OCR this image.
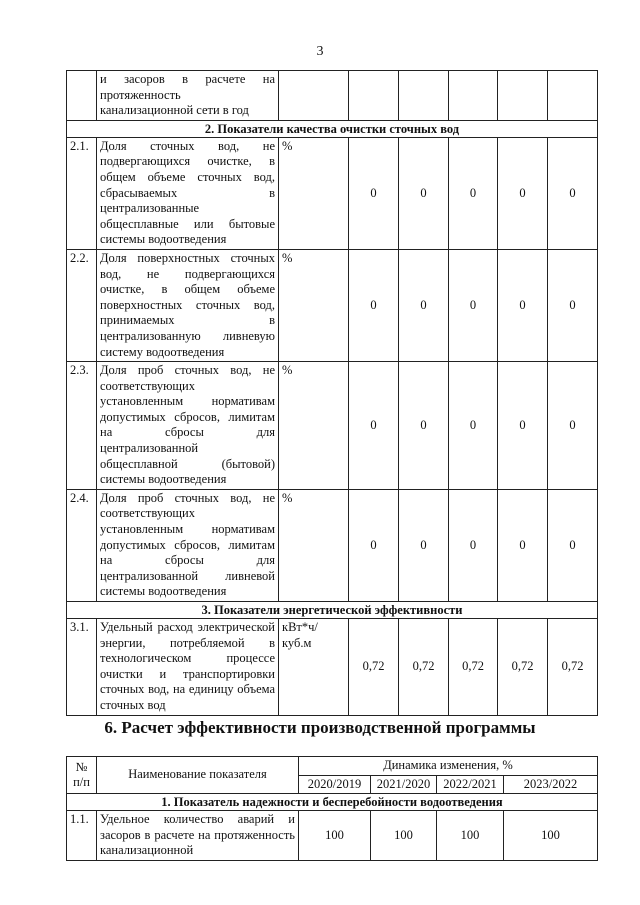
3
	и засоров в расчете на протяженность канализационной сети в год						
2. Показатели качества очистки сточных вод							
2.1.	Доля сточных вод, не подвергающихся очистке, в общем объеме сточных вод, сбрасываемых в централизованные общесплавные или бытовые системы водоотведения	%	0	0	0	0	0
2.2.	Доля поверхностных сточных вод, не подвергающихся очистке, в общем объеме поверхностных сточных вод, принимаемых в централизованную ливневую систему водоотведения	%	0	0	0	0	0
2.3.	Доля проб сточных вод, не соответствующих установленным нормативам допустимых сбросов, лимитам на сбросы для централизованной общесплавной (бытовой) системы водоотведения	%	0	0	0	0	0
2.4.	Доля проб сточных вод, не соответствующих установленным нормативам допустимых сбросов, лимитам на сбросы для централизованной ливневой системы водоотведения	%	0	0	0	0	0
3. Показатели энергетической эффективности							
3.1.	Удельный расход электрической энергии, потребляемой в технологическом процессе очистки и транспортировки сточных вод, на единицу объема сточных вод	кВт*ч/ куб.м	0,72	0,72	0,72	0,72	0,72
6. Расчет эффективности производственной программы
№ п/п	Наименование показателя	Динамика изменения, %			
		2020/2019	2021/2020	2022/2021	2023/2022
1. Показатель надежности и бесперебойности водоотведения					
1.1.	Удельное количество аварий и засоров в расчете на протяженность канализационной	100	100	100	100
